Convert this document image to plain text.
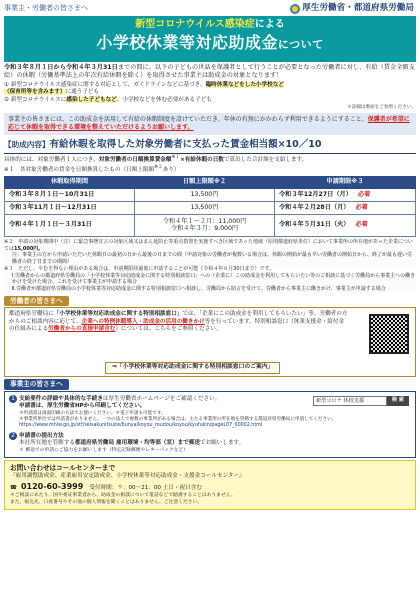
事業主・労働者の皆さまへ	厚生労働省・都道府県労働局
新型コロナウイルス感染症による
小学校休業等対応助成金について
令和３年８月１日から令和４年３月31日までの間に、以下の子どもの世話を保護者として行うことが必要となった労働者に対し、有給（賃金全額支給）の休暇（労働基準法上の年次有給休暇を除く）を取得させた事業主は助成金の対象となります！
① 新型コロナウイルス感染症に関する対応として、ガイドラインなどに基づき、臨時休業などをした小学校など
（保育所等を含みます）に通う子ども
② 新型コロナウイルスに感染した子どもなど、小学校などを休む必要がある子ども
＊詳細は裏面をご参照ください。
事業主の皆さまには、この助成金を活用して有給の休暇制度を設けていただき、年休の有無にかかわらず利用できるようにすること、保護者が希望に応じて休暇を取得できる環境を整えていただけるようお願いします。
【助成内容】有給休暇を取得した対象労働者に支払った賃金相当額×10／10
具体的には、対象労働者１人につき、対象労働者の日額換算賃金額$^{※1}$×有給休暇の日数で算出した合計額を支給します。
※１　各対象労働者の賃金を日額換算したもの（日額上限額$^{※2}$あり）
休暇取得期間	日額上限額※２	申請期限※３
令和３年８月１日～10月31日	13,500円	令和３年12月27日（月） 必着
令和３年11月１日～12月31日	13,500円	令和４年２月28日（月） 必着
令和４年１月１日～３月31日	令和４年１～２月：11,000円
令和４年３月：9,000円	令和４年５月31日（火） 必着
※２　申請の対象期間中（注）に緊急事態宣言の対象区域又はまん延防止等重点措置を実施すべき区域であった地域（原則都道府県単位）において事業所の所在地があった企業については15,000円。
注：事業主の方から申請いただいた休暇日の最初の日から最後の日までの間（申請対象の労働者が複数いる場合は、休暇の開始が最も早い労働者の開始日から、終了が最も遅い労働者の終了日までの期間）
※３　ただし、やむを得ない理由がある場合は、申請期限経過後に申請することが可能（令和４年６月30日まで）です。
Ⅰ.労働者からの都道府県労働局の「小学校休業等対応助成金に関する特別相談窓口」への（企業に）この助成金を利用してもらいたい等のご相談に基づく労働局から事業主への働きかけを受けた場合、これを受けて事業主が申請する場合
Ⅱ.労働者が都道府県労働局の小学校休業等対応助成金に関する特別相談窓口へ相談し、労働局から助言を受けて、労働者から事業主に働きかけ、事業主が申請する場合
労働者の皆さまへ
都道府県労働局に「小学校休業等対応助成金に関する特別相談窓口」では、「企業にこの助成金を利用してもらいたい」等、労働者の方からのご相談内容に応じて、企業への特例休暇導入・助成金の活用の働きかけ等を行っています。特別相談窓口（休業支援金・給付金の仕組みによる労働者からの直接申請含む）については、こちらをご参照ください。
⇒「小学校休業等対応助成金に関する特別相談窓口のご案内」
事業主の皆さまへ
1 支給要件の詳細や具体的な手続きは厚生労働省ホームページをご確認ください。
申請書は、厚生労働省HPから印刷してください。
新型コロナ 休校支援	検 索
＊申請書は両面印刷の方法でお使いください。＊電子申請も可能です。
＊事業所単位では申請書がありません。一つの法人で複数の事業所がある場合は、主たる事業所の所在地を管轄する都道府県労働局に申請してください。
https://www.mhlw.go.jp/stf/seisakunitsuite/bunya/koyou_roudou/koyou/kyufukin/pageL07_00002.html
2 申請書の提出方法
本社所在地を管轄する都道府県労働局 雇用環境・均等部（室）まで郵送でお願いします。
＊ 郵送での申請にご協力をお願いします（特定記録郵便やレターパックなど）
お問い合わせはコールセンターまで
『雇用調整助成金、産業雇用安定助成金、小学校休業等対応助成金・支援金コールセンター』
☎ 0120-60-3999 受付時間：９：00～21：00 土日・祝日含む
＊ご相談にあたり、国や委託事業者から、助成金の相談について電話などで勧誘することはありません。
また、振込先、口座番号やその他の個人情報を聞くことはありません。ご注意ください。
